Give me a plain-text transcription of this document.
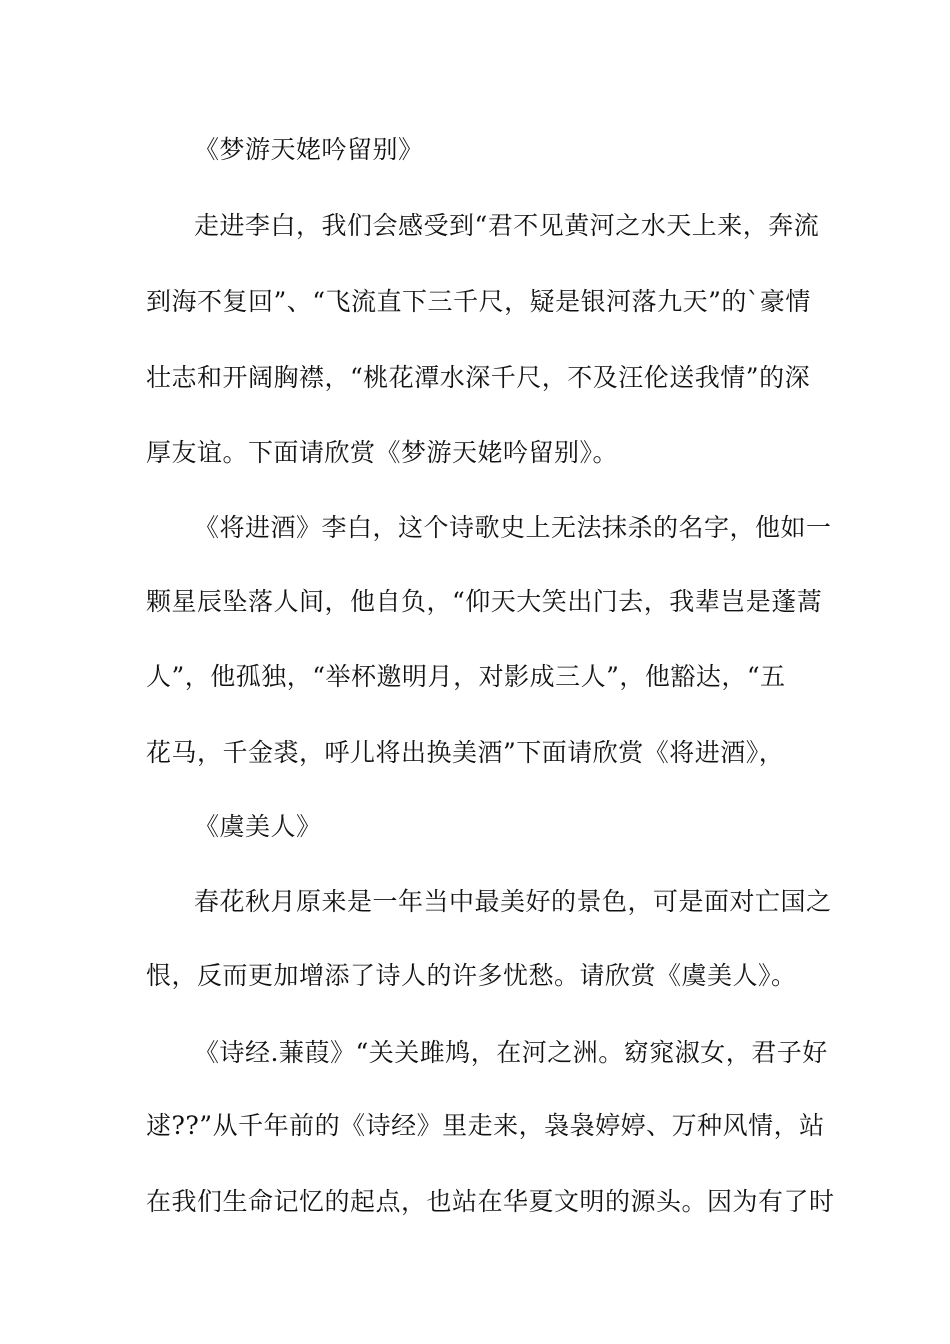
《梦游天姥吟留别》
走进李白，我们会感受到“君不见黄河之水天上来，奔流
到海不复回”、“飞流直下三千尺，疑是银河落九天”的`豪情
壮志和开阔胸襟，“桃花潭水深千尺，不及汪伦送我情”的深
厚友谊。下面请欣赏《梦游天姥吟留别》。
《将进酒》李白，这个诗歌史上无法抹杀的名字，他如一
颗星辰坠落人间，他自负，“仰天大笑出门去，我辈岂是蓬蒿
人”，他孤独，“举杯邀明月，对影成三人”，他豁达，“五
花马，千金裘，呼儿将出换美酒”下面请欣赏《将进酒》，
《虞美人》
春花秋月原来是一年当中最美好的景色，可是面对亡国之
恨，反而更加增添了诗人的许多忧愁。请欣赏《虞美人》。
《诗经.蒹葭》“关关雎鸠，在河之洲。窈窕淑女，君子好
逑??”从千年前的《诗经》里走来，袅袅婷婷、万种风情，站
在我们生命记忆的起点，也站在华夏文明的源头。因为有了时
